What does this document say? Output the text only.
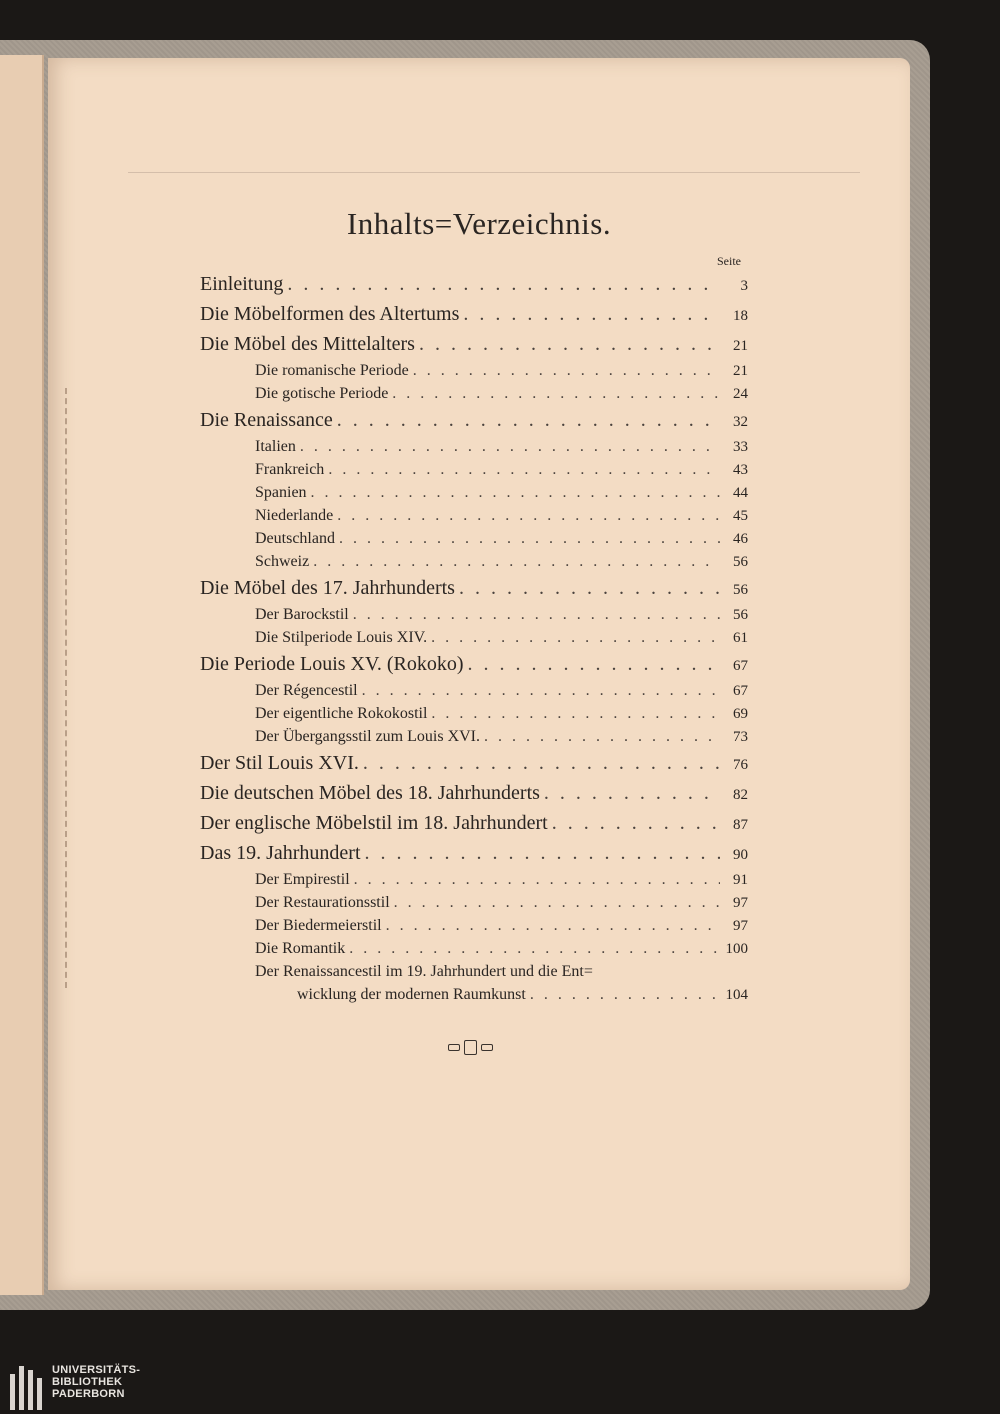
Inhalts=Verzeichnis.
Seite
Einleitung . . .	3
Die Möbelformen des Altertums . . .	18
Die Möbel des Mittelalters . . .	21
Die romanische Periode . . .	21
Die gotische Periode . . .	24
Die Renaissance . . .	32
Italien . . .	33
Frankreich . . .	43
Spanien . . .	44
Niederlande . . .	45
Deutschland . . .	46
Schweiz . . .	56
Die Möbel des 17. Jahrhunderts . . .	56
Der Barockstil . . .	56
Die Stilperiode Louis XIV. . . .	61
Die Periode Louis XV. (Rokoko) . . .	67
Der Régencestil . . .	67
Der eigentliche Rokokostil . . .	69
Der Übergangsstil zum Louis XVI. . . .	73
Der Stil Louis XVI. . . .	76
Die deutschen Möbel des 18. Jahrhunderts . . .	82
Der englische Möbelstil im 18. Jahrhundert . . .	87
Das 19. Jahrhundert . . .	90
Der Empirestil . . .	91
Der Restaurationsstil . . .	97
Der Biedermeierstil . . .	97
Die Romantik . . .	100
Der Renaissancestil im 19. Jahrhundert und die Ent=
wicklung der modernen Raumkunst . . .	104
UNIVERSITÄTS-
BIBLIOTHEK
PADERBORN
